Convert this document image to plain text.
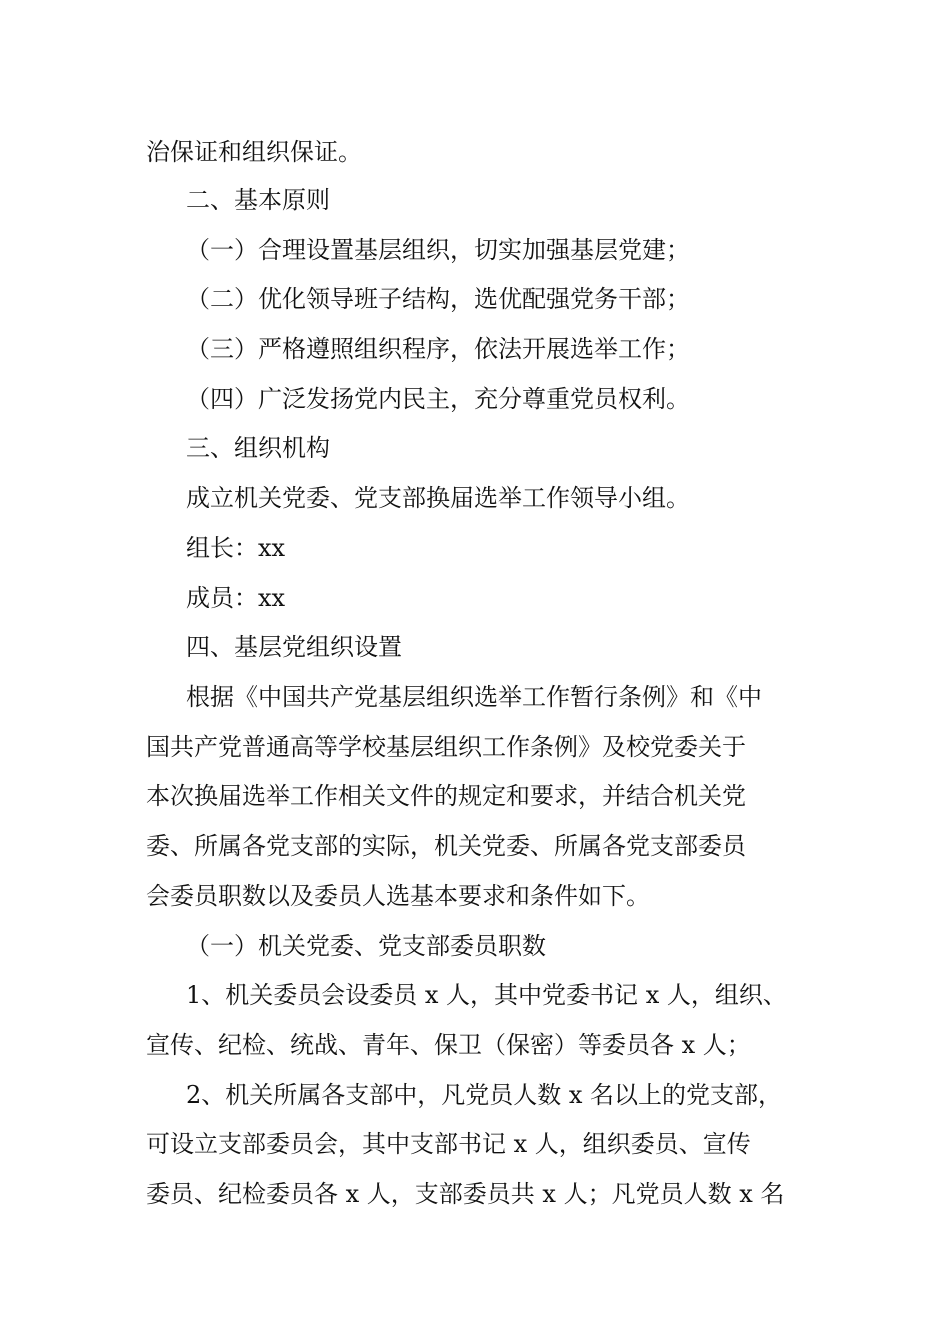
治保证和组织保证。
二、基本原则
（一）合理设置基层组织，切实加强基层党建；
（二）优化领导班子结构，选优配强党务干部；
（三）严格遵照组织程序，依法开展选举工作；
（四）广泛发扬党内民主，充分尊重党员权利。
三、组织机构
成立机关党委、党支部换届选举工作领导小组。
组长：xx
成员：xx
四、基层党组织设置
根据《中国共产党基层组织选举工作暂行条例》和《中
国共产党普通高等学校基层组织工作条例》及校党委关于
本次换届选举工作相关文件的规定和要求，并结合机关党
委、所属各党支部的实际，机关党委、所属各党支部委员
会委员职数以及委员人选基本要求和条件如下。
（一）机关党委、党支部委员职数
1、机关委员会设委员 x 人，其中党委书记 x 人，组织、
宣传、纪检、统战、青年、保卫（保密）等委员各 x 人；
2、机关所属各支部中，凡党员人数 x 名以上的党支部，
可设立支部委员会，其中支部书记 x 人，组织委员、宣传
委员、纪检委员各 x 人，支部委员共 x 人；凡党员人数 x 名
